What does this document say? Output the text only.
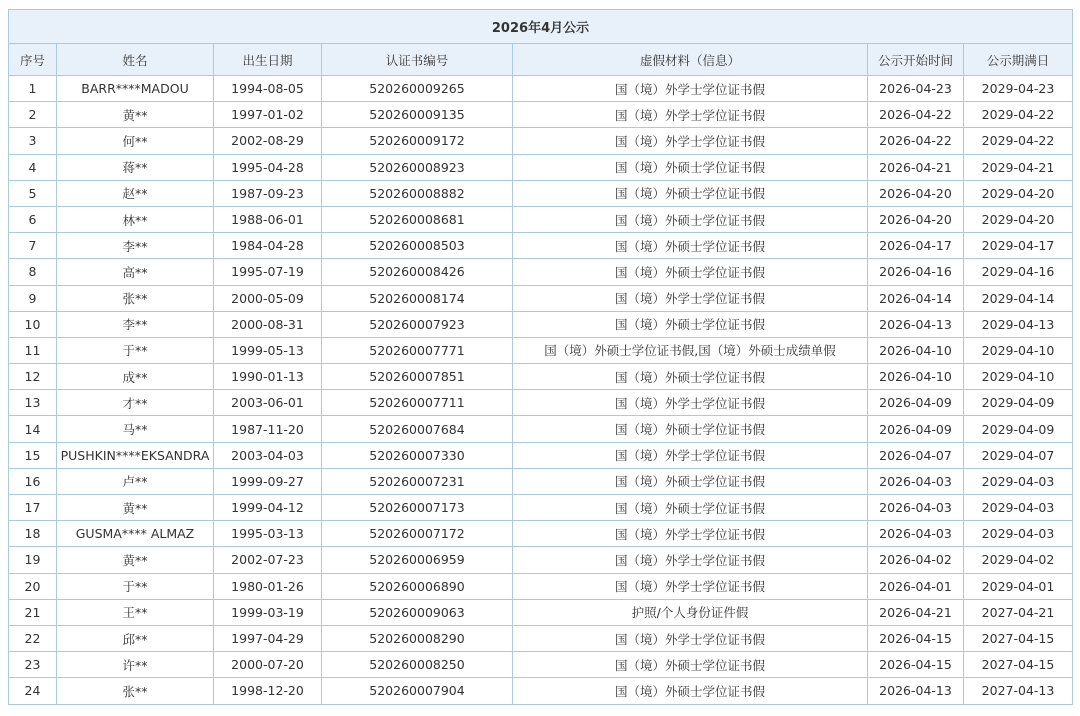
2026年4月公示						
序号	姓名	出生日期	认证书编号	虚假材料（信息）	公示开始时间	公示期满日
1	BARR****MADOU	1994-08-05	520260009265	国（境）外学士学位证书假	2026-04-23	2029-04-23
2	黄**	1997-01-02	520260009135	国（境）外学士学位证书假	2026-04-22	2029-04-22
3	何**	2002-08-29	520260009172	国（境）外学士学位证书假	2026-04-22	2029-04-22
4	蒋**	1995-04-28	520260008923	国（境）外硕士学位证书假	2026-04-21	2029-04-21
5	赵**	1987-09-23	520260008882	国（境）外硕士学位证书假	2026-04-20	2029-04-20
6	林**	1988-06-01	520260008681	国（境）外硕士学位证书假	2026-04-20	2029-04-20
7	李**	1984-04-28	520260008503	国（境）外硕士学位证书假	2026-04-17	2029-04-17
8	高**	1995-07-19	520260008426	国（境）外硕士学位证书假	2026-04-16	2029-04-16
9	张**	2000-05-09	520260008174	国（境）外学士学位证书假	2026-04-14	2029-04-14
10	李**	2000-08-31	520260007923	国（境）外硕士学位证书假	2026-04-13	2029-04-13
11	于**	1999-05-13	520260007771	国（境）外硕士学位证书假,国（境）外硕士成绩单假	2026-04-10	2029-04-10
12	成**	1990-01-13	520260007851	国（境）外硕士学位证书假	2026-04-10	2029-04-10
13	才**	2003-06-01	520260007711	国（境）外学士学位证书假	2026-04-09	2029-04-09
14	马**	1987-11-20	520260007684	国（境）外硕士学位证书假	2026-04-09	2029-04-09
15	PUSHKIN****EKSANDRA	2003-04-03	520260007330	国（境）外学士学位证书假	2026-04-07	2029-04-07
16	卢**	1999-09-27	520260007231	国（境）外硕士学位证书假	2026-04-03	2029-04-03
17	黄**	1999-04-12	520260007173	国（境）外硕士学位证书假	2026-04-03	2029-04-03
18	GUSMA**** ALMAZ	1995-03-13	520260007172	国（境）外学士学位证书假	2026-04-03	2029-04-03
19	黄**	2002-07-23	520260006959	国（境）外学士学位证书假	2026-04-02	2029-04-02
20	于**	1980-01-26	520260006890	国（境）外学士学位证书假	2026-04-01	2029-04-01
21	王**	1999-03-19	520260009063	护照/个人身份证件假	2026-04-21	2027-04-21
22	邱**	1997-04-29	520260008290	国（境）外学士学位证书假	2026-04-15	2027-04-15
23	许**	2000-07-20	520260008250	国（境）外硕士学位证书假	2026-04-15	2027-04-15
24	张**	1998-12-20	520260007904	国（境）外硕士学位证书假	2026-04-13	2027-04-13
